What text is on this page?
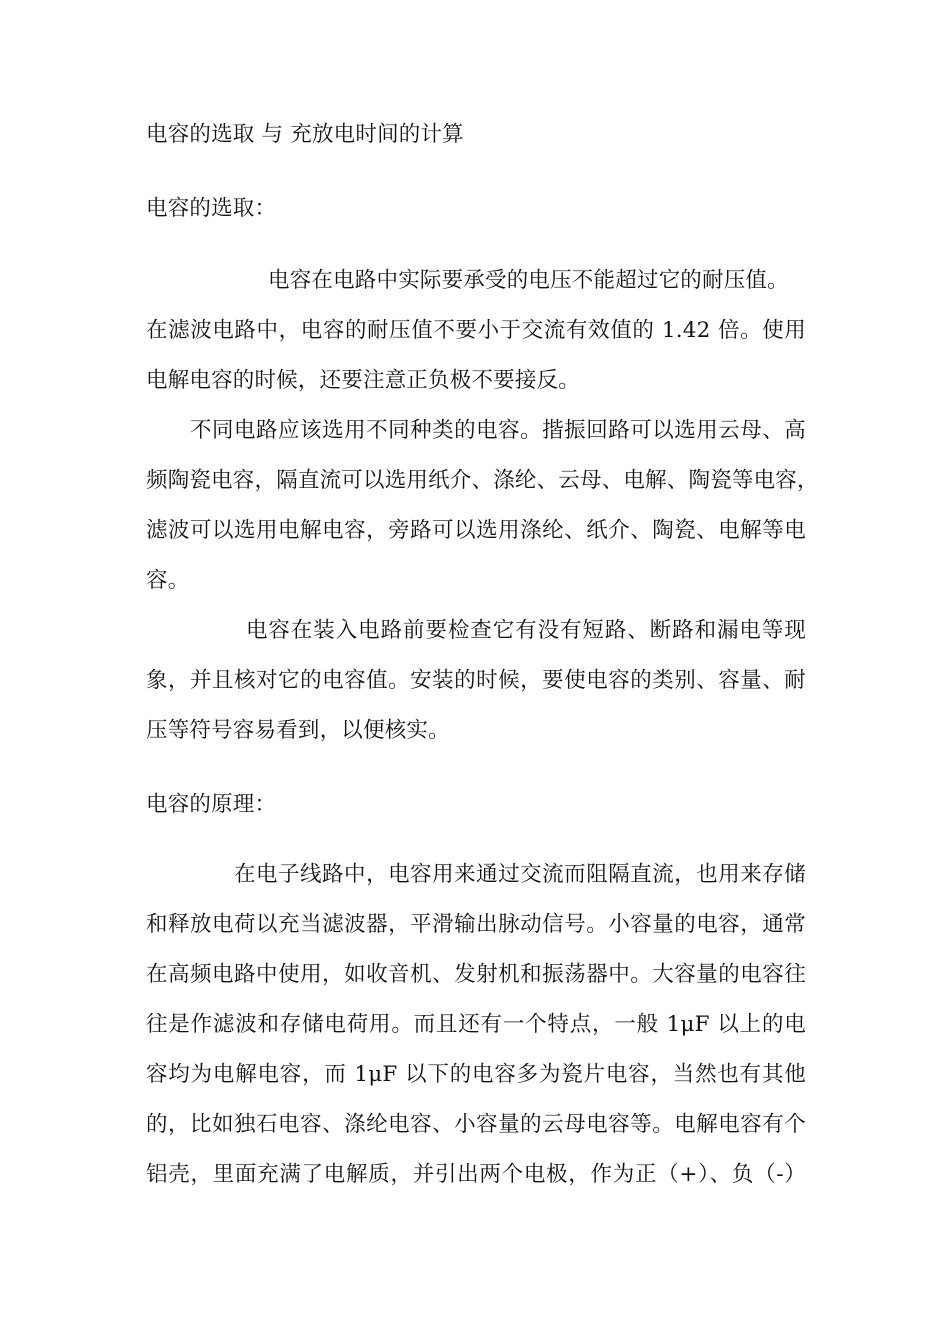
电容的选取 与 充放电时间的计算
电容的选取：
电容在电路中实际要承受的电压不能超过它的耐压值。
在滤波电路中，电容的耐压值不要小于交流有效值的 1.42 倍。使用
电解电容的时候，还要注意正负极不要接反。
不同电路应该选用不同种类的电容。揩振回路可以选用云母、高
频陶瓷电容，隔直流可以选用纸介、涤纶、云母、电解、陶瓷等电容，
滤波可以选用电解电容，旁路可以选用涤纶、纸介、陶瓷、电解等电
容。
电容在装入电路前要检查它有没有短路、断路和漏电等现
象，并且核对它的电容值。安装的时候，要使电容的类别、容量、耐
压等符号容易看到，以便核实。
电容的原理：
在电子线路中，电容用来通过交流而阻隔直流，也用来存储
和释放电荷以充当滤波器，平滑输出脉动信号。小容量的电容，通常
在高频电路中使用，如收音机、发射机和振荡器中。大容量的电容往
往是作滤波和存储电荷用。而且还有一个特点，一般 1μF 以上的电
容均为电解电容，而 1μF 以下的电容多为瓷片电容，当然也有其他
的，比如独石电容、涤纶电容、小容量的云母电容等。电解电容有个
铝壳，里面充满了电解质，并引出两个电极，作为正（+）、负（-）
